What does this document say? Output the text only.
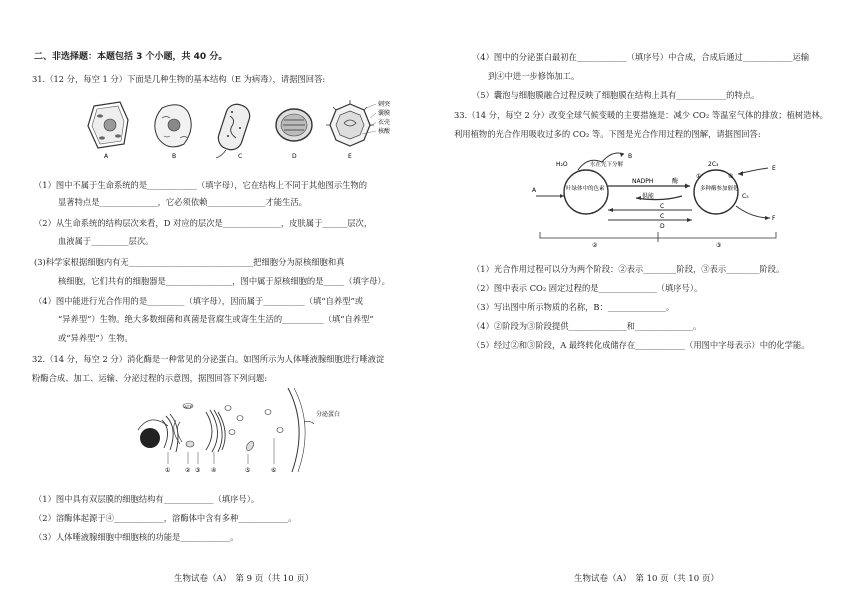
二、非选择题：本题包括 3 个小题，共 40 分。
31.（12 分，每空 1 分）下面是几种生物的基本结构（E 为病毒），请据图回答:
A	B	C	D
刺突
囊膜
衣壳
核酸
E
（1）图中不属于生命系统的是____________（填字母），它在结构上不同于其他图示生物的
显著特点是______________，它必须依赖______________才能生活。
（2）从生命系统的结构层次来看，D 对应的层次是______________，皮肤属于______层次，
血液属于_________层次。
(3)科学家根据细胞内有无______________________________把细胞分为原核细胞和真
核细胞，它们共有的细胞器是________________，图中属于原核细胞的是_____（填字母）。
（4）图中能进行光合作用的是_________（填字母），因而属于__________（填“自养型”或
“异养型”）生物。绝大多数细菌和真菌是营腐生或寄生生活的__________（填“自养型”
或“异养型”）生物。
32.（14 分，每空 2 分）消化酶是一种常见的分泌蛋白。如图所示为人体唾液腺细胞进行唾液淀
粉酶合成、加工、运输、分泌过程的示意图，据图回答下列问题:
ATP
① ② ③ ④	⑤	⑥
分泌蛋白
（1）图中具有双层膜的细胞结构有____________（填序号）。
（2）溶酶体起源于④____________，溶酶体中含有多种____________。
（3）人体唾液腺细胞中细胞核的功能是____________。
生物试卷（A）　第 9 页（共 10 页）
（4）图中的分泌蛋白最初在____________（填序号）中合成，合成后通过____________运输
到④中进一步修饰加工。
（5）囊泡与细胞膜融合过程反映了细胞膜在结构上具有____________的特点。
33.（14 分，每空 2 分）改变全球气候变暖的主要措施是：减少 CO₂ 等温室气体的排放；植树造林。
利用植物的光合作用吸收过多的 CO₂ 等。下图是光合作用过程的图解，请据图回答:
H₂O	水在光下分解
B
叶绿体中的色素
A
NADPH	酶
供能
C
C
D
2C₃
①	④
多种酶参加催化
E
C₅
F
②	③
（1）光合作用过程可以分为两个阶段：②表示________阶段，③表示________阶段。
（2）图中表示 CO₂ 固定过程的是______________（填序号）。
（3）写出图中所示物质的名称，B：______________。
（4）②阶段为③阶段提供______________和______________。
（5）经过②和③阶段，A 最终转化成储存在____________（用图中字母表示）中的化学能。
生物试卷（A）　第 10 页（共 10 页）
